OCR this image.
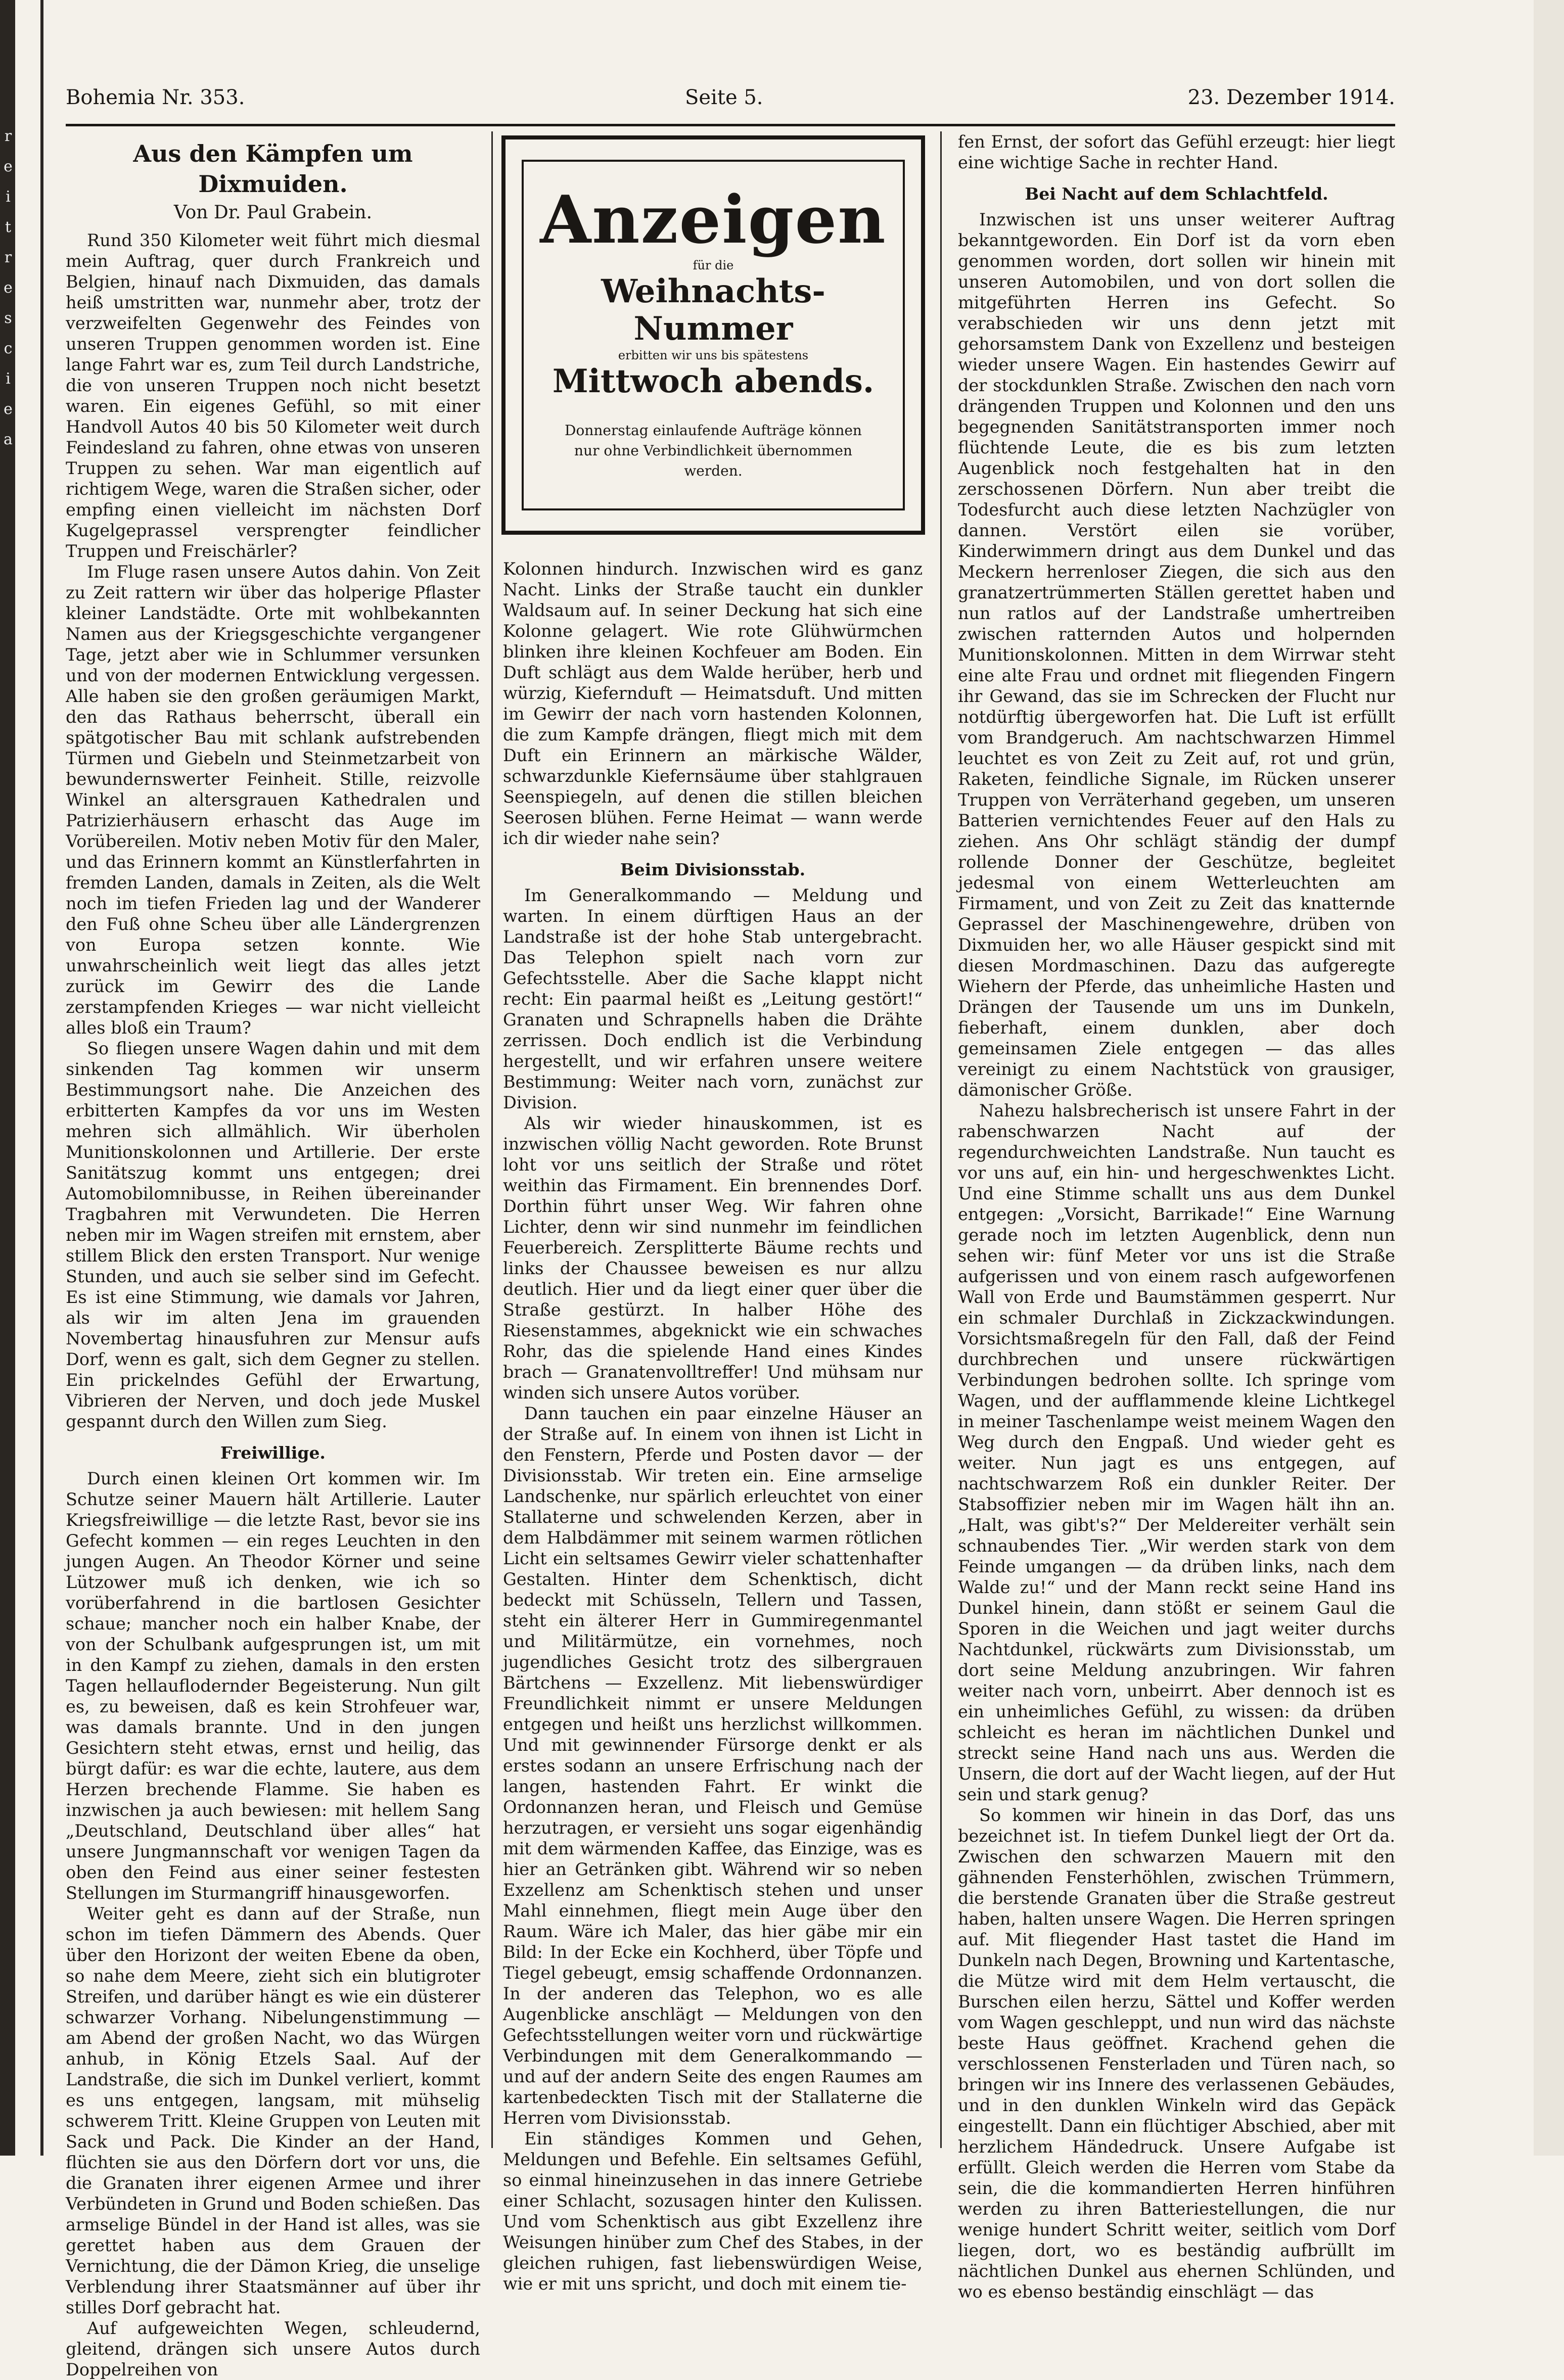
r
e
i
t
r
e
s
c
i
e
a
Bohemia Nr. 353.	Seite 5.	23. Dezember 1914.
Aus den Kämpfen um Dixmuiden.

Von Dr. Paul Grabein.

Rund 350 Kilometer weit führt mich diesmal mein Auftrag, quer durch Frankreich und Belgien, hinauf nach Dixmuiden, das damals heiß umstritten war, nunmehr aber, trotz der verzweifelten Gegenwehr des Feindes von unseren Truppen genommen worden ist. Eine lange Fahrt war es, zum Teil durch Landstriche, die von unseren Truppen noch nicht besetzt waren. Ein eigenes Gefühl, so mit einer Handvoll Autos 40 bis 50 Kilometer weit durch Feindesland zu fahren, ohne etwas von unseren Truppen zu sehen. War man eigentlich auf richtigem Wege, waren die Straßen sicher, oder empfing einen vielleicht im nächsten Dorf Kugelgeprassel versprengter feindlicher Truppen und Freischärler?

Im Fluge rasen unsere Autos dahin. Von Zeit zu Zeit rattern wir über das holperige Pflaster kleiner Landstädte. Orte mit wohlbekannten Namen aus der Kriegsgeschichte vergangener Tage, jetzt aber wie in Schlummer versunken und von der modernen Entwicklung vergessen. Alle haben sie den großen geräumigen Markt, den das Rathaus beherrscht, überall ein spätgotischer Bau mit schlank aufstrebenden Türmen und Giebeln und Steinmetzarbeit von bewundernswerter Feinheit. Stille, reizvolle Winkel an altersgrauen Kathedralen und Patrizierhäusern erhascht das Auge im Vorübereilen. Motiv neben Motiv für den Maler, und das Erinnern kommt an Künstlerfahrten in fremden Landen, damals in Zeiten, als die Welt noch im tiefen Frieden lag und der Wanderer den Fuß ohne Scheu über alle Ländergrenzen von Europa setzen konnte. Wie unwahrscheinlich weit liegt das alles jetzt zurück im Gewirr des die Lande zerstampfenden Krieges — war nicht vielleicht alles bloß ein Traum?

So fliegen unsere Wagen dahin und mit dem sinkenden Tag kommen wir unserm Bestimmungsort nahe. Die Anzeichen des erbitterten Kampfes da vor uns im Westen mehren sich allmählich. Wir überholen Munitionskolonnen und Artillerie. Der erste Sanitätszug kommt uns entgegen; drei Automobilomnibusse, in Reihen übereinander Tragbahren mit Verwundeten. Die Herren neben mir im Wagen streifen mit ernstem, aber stillem Blick den ersten Transport. Nur wenige Stunden, und auch sie selber sind im Gefecht. Es ist eine Stimmung, wie damals vor Jahren, als wir im alten Jena im grauenden Novembertag hinausfuhren zur Mensur aufs Dorf, wenn es galt, sich dem Gegner zu stellen. Ein prickelndes Gefühl der Erwartung, Vibrieren der Nerven, und doch jede Muskel gespannt durch den Willen zum Sieg.

Freiwillige.

Durch einen kleinen Ort kommen wir. Im Schutze seiner Mauern hält Artillerie. Lauter Kriegsfreiwillige — die letzte Rast, bevor sie ins Gefecht kommen — ein reges Leuchten in den jungen Augen. An Theodor Körner und seine Lützower muß ich denken, wie ich so vorüberfahrend in die bartlosen Gesichter schaue; mancher noch ein halber Knabe, der von der Schulbank aufgesprungen ist, um mit in den Kampf zu ziehen, damals in den ersten Tagen hellauflodernder Begeisterung. Nun gilt es, zu beweisen, daß es kein Strohfeuer war, was damals brannte. Und in den jungen Gesichtern steht etwas, ernst und heilig, das bürgt dafür: es war die echte, lautere, aus dem Herzen brechende Flamme. Sie haben es inzwischen ja auch bewiesen: mit hellem Sang „Deutschland, Deutschland über alles“ hat unsere Jungmannschaft vor wenigen Tagen da oben den Feind aus einer seiner festesten Stellungen im Sturmangriff hinausgeworfen.

Weiter geht es dann auf der Straße, nun schon im tiefen Dämmern des Abends. Quer über den Horizont der weiten Ebene da oben, so nahe dem Meere, zieht sich ein blutigroter Streifen, und darüber hängt es wie ein düsterer schwarzer Vorhang. Nibelungenstimmung — am Abend der großen Nacht, wo das Würgen anhub, in König Etzels Saal. Auf der Landstraße, die sich im Dunkel verliert, kommt es uns entgegen, langsam, mit mühselig schwerem Tritt. Kleine Gruppen von Leuten mit Sack und Pack. Die Kinder an der Hand, flüchten sie aus den Dörfern dort vor uns, die die Granaten ihrer eigenen Armee und ihrer Verbündeten in Grund und Boden schießen. Das armselige Bündel in der Hand ist alles, was sie gerettet haben aus dem Grauen der Vernichtung, die der Dämon Krieg, die unselige Verblendung ihrer Staatsmänner auf über ihr stilles Dorf gebracht hat.

Auf aufgeweichten Wegen, schleudernd, gleitend, drängen sich unsere Autos durch Doppelreihen von

Anzeigen
für die
Weihnachts-Nummer
erbitten wir uns bis spätestens
Mittwoch abends.
Donnerstag einlaufende Aufträge können
nur ohne Verbindlichkeit übernommen
werden.

Kolonnen hindurch. Inzwischen wird es ganz Nacht. Links der Straße taucht ein dunkler Waldsaum auf. In seiner Deckung hat sich eine Kolonne gelagert. Wie rote Glühwürmchen blinken ihre kleinen Kochfeuer am Boden. Ein Duft schlägt aus dem Walde herüber, herb und würzig, Kiefernduft — Heimatsduft. Und mitten im Gewirr der nach vorn hastenden Kolonnen, die zum Kampfe drängen, fliegt mich mit dem Duft ein Erinnern an märkische Wälder, schwarzdunkle Kiefernsäume über stahlgrauen Seenspiegeln, auf denen die stillen bleichen Seerosen blühen. Ferne Heimat — wann werde ich dir wieder nahe sein?

Beim Divisionsstab.

Im Generalkommando — Meldung und warten. In einem dürftigen Haus an der Landstraße ist der hohe Stab untergebracht. Das Telephon spielt nach vorn zur Gefechtsstelle. Aber die Sache klappt nicht recht: Ein paarmal heißt es „Leitung gestört!“ Granaten und Schrapnells haben die Drähte zerrissen. Doch endlich ist die Verbindung hergestellt, und wir erfahren unsere weitere Bestimmung: Weiter nach vorn, zunächst zur Division.

Als wir wieder hinauskommen, ist es inzwischen völlig Nacht geworden. Rote Brunst loht vor uns seitlich der Straße und rötet weithin das Firmament. Ein brennendes Dorf. Dorthin führt unser Weg. Wir fahren ohne Lichter, denn wir sind nunmehr im feindlichen Feuerbereich. Zersplitterte Bäume rechts und links der Chaussee beweisen es nur allzu deutlich. Hier und da liegt einer quer über die Straße gestürzt. In halber Höhe des Riesenstammes, abgeknickt wie ein schwaches Rohr, das die spielende Hand eines Kindes brach — Granatenvolltreffer! Und mühsam nur winden sich unsere Autos vorüber.

Dann tauchen ein paar einzelne Häuser an der Straße auf. In einem von ihnen ist Licht in den Fenstern, Pferde und Posten davor — der Divisionsstab. Wir treten ein. Eine armselige Landschenke, nur spärlich erleuchtet von einer Stallaterne und schwelenden Kerzen, aber in dem Halbdämmer mit seinem warmen rötlichen Licht ein seltsames Gewirr vieler schattenhafter Gestalten. Hinter dem Schenktisch, dicht bedeckt mit Schüsseln, Tellern und Tassen, steht ein älterer Herr in Gummiregenmantel und Militärmütze, ein vornehmes, noch jugendliches Gesicht trotz des silbergrauen Bärtchens — Exzellenz. Mit liebenswürdiger Freundlichkeit nimmt er unsere Meldungen entgegen und heißt uns herzlichst willkommen. Und mit gewinnender Fürsorge denkt er als erstes sodann an unsere Erfrischung nach der langen, hastenden Fahrt. Er winkt die Ordonnanzen heran, und Fleisch und Gemüse herzutragen, er versieht uns sogar eigenhändig mit dem wärmenden Kaffee, das Einzige, was es hier an Getränken gibt. Während wir so neben Exzellenz am Schenktisch stehen und unser Mahl einnehmen, fliegt mein Auge über den Raum. Wäre ich Maler, das hier gäbe mir ein Bild: In der Ecke ein Kochherd, über Töpfe und Tiegel gebeugt, emsig schaffende Ordonnanzen. In der anderen das Telephon, wo es alle Augenblicke anschlägt — Meldungen von den Gefechtsstellungen weiter vorn und rückwärtige Verbindungen mit dem Generalkommando — und auf der andern Seite des engen Raumes am kartenbedeckten Tisch mit der Stallaterne die Herren vom Divisionsstab.

Ein ständiges Kommen und Gehen, Meldungen und Befehle. Ein seltsames Gefühl, so einmal hineinzusehen in das innere Getriebe einer Schlacht, sozusagen hinter den Kulissen. Und vom Schenktisch aus gibt Exzellenz ihre Weisungen hinüber zum Chef des Stabes, in der gleichen ruhigen, fast liebenswürdigen Weise, wie er mit uns spricht, und doch mit einem tie-

fen Ernst, der sofort das Gefühl erzeugt: hier liegt eine wichtige Sache in rechter Hand.

Bei Nacht auf dem Schlachtfeld.

Inzwischen ist uns unser weiterer Auftrag bekanntgeworden. Ein Dorf ist da vorn eben genommen worden, dort sollen wir hinein mit unseren Automobilen, und von dort sollen die mitgeführten Herren ins Gefecht. So verabschieden wir uns denn jetzt mit gehorsamstem Dank von Exzellenz und besteigen wieder unsere Wagen. Ein hastendes Gewirr auf der stockdunklen Straße. Zwischen den nach vorn drängenden Truppen und Kolonnen und den uns begegnenden Sanitätstransporten immer noch flüchtende Leute, die es bis zum letzten Augenblick noch festgehalten hat in den zerschossenen Dörfern. Nun aber treibt die Todesfurcht auch diese letzten Nachzügler von dannen. Verstört eilen sie vorüber, Kinderwimmern dringt aus dem Dunkel und das Meckern herrenloser Ziegen, die sich aus den granatzertrümmerten Ställen gerettet haben und nun ratlos auf der Landstraße umhertreiben zwischen ratternden Autos und holpernden Munitionskolonnen. Mitten in dem Wirrwar steht eine alte Frau und ordnet mit fliegenden Fingern ihr Gewand, das sie im Schrecken der Flucht nur notdürftig übergeworfen hat. Die Luft ist erfüllt vom Brandgeruch. Am nachtschwarzen Himmel leuchtet es von Zeit zu Zeit auf, rot und grün, Raketen, feindliche Signale, im Rücken unserer Truppen von Verräterhand gegeben, um unseren Batterien vernichtendes Feuer auf den Hals zu ziehen. Ans Ohr schlägt ständig der dumpf rollende Donner der Geschütze, begleitet jedesmal von einem Wetterleuchten am Firmament, und von Zeit zu Zeit das knatternde Geprassel der Maschinengewehre, drüben von Dixmuiden her, wo alle Häuser gespickt sind mit diesen Mordmaschinen. Dazu das aufgeregte Wiehern der Pferde, das unheimliche Hasten und Drängen der Tausende um uns im Dunkeln, fieberhaft, einem dunklen, aber doch gemeinsamen Ziele entgegen — das alles vereinigt zu einem Nachtstück von grausiger, dämonischer Größe.

Nahezu halsbrecherisch ist unsere Fahrt in der rabenschwarzen Nacht auf der regendurchweichten Landstraße. Nun taucht es vor uns auf, ein hin- und hergeschwenktes Licht. Und eine Stimme schallt uns aus dem Dunkel entgegen: „Vorsicht, Barrikade!“ Eine Warnung gerade noch im letzten Augenblick, denn nun sehen wir: fünf Meter vor uns ist die Straße aufgerissen und von einem rasch aufgeworfenen Wall von Erde und Baumstämmen gesperrt. Nur ein schmaler Durchlaß in Zickzackwindungen. Vorsichtsmaßregeln für den Fall, daß der Feind durchbrechen und unsere rückwärtigen Verbindungen bedrohen sollte. Ich springe vom Wagen, und der aufflammende kleine Lichtkegel in meiner Taschenlampe weist meinem Wagen den Weg durch den Engpaß. Und wieder geht es weiter. Nun jagt es uns entgegen, auf nachtschwarzem Roß ein dunkler Reiter. Der Stabsoffizier neben mir im Wagen hält ihn an. „Halt, was gibt's?“ Der Meldereiter verhält sein schnaubendes Tier. „Wir werden stark von dem Feinde umgangen — da drüben links, nach dem Walde zu!“ und der Mann reckt seine Hand ins Dunkel hinein, dann stößt er seinem Gaul die Sporen in die Weichen und jagt weiter durchs Nachtdunkel, rückwärts zum Divisionsstab, um dort seine Meldung anzubringen. Wir fahren weiter nach vorn, unbeirrt. Aber dennoch ist es ein unheimliches Gefühl, zu wissen: da drüben schleicht es heran im nächtlichen Dunkel und streckt seine Hand nach uns aus. Werden die Unsern, die dort auf der Wacht liegen, auf der Hut sein und stark genug?

So kommen wir hinein in das Dorf, das uns bezeichnet ist. In tiefem Dunkel liegt der Ort da. Zwischen den schwarzen Mauern mit den gähnenden Fensterhöhlen, zwischen Trümmern, die berstende Granaten über die Straße gestreut haben, halten unsere Wagen. Die Herren springen auf. Mit fliegender Hast tastet die Hand im Dunkeln nach Degen, Browning und Kartentasche, die Mütze wird mit dem Helm vertauscht, die Burschen eilen herzu, Sättel und Koffer werden vom Wagen geschleppt, und nun wird das nächste beste Haus geöffnet. Krachend gehen die verschlossenen Fensterladen und Türen nach, so bringen wir ins Innere des verlassenen Gebäudes, und in den dunklen Winkeln wird das Gepäck eingestellt. Dann ein flüchtiger Abschied, aber mit herzlichem Händedruck. Unsere Aufgabe ist erfüllt. Gleich werden die Herren vom Stabe da sein, die die kommandierten Herren hinführen werden zu ihren Batteriestellungen, die nur wenige hundert Schritt weiter, seitlich vom Dorf liegen, dort, wo es beständig aufbrüllt im nächtlichen Dunkel aus ehernen Schlünden, und wo es ebenso beständig einschlägt — das
